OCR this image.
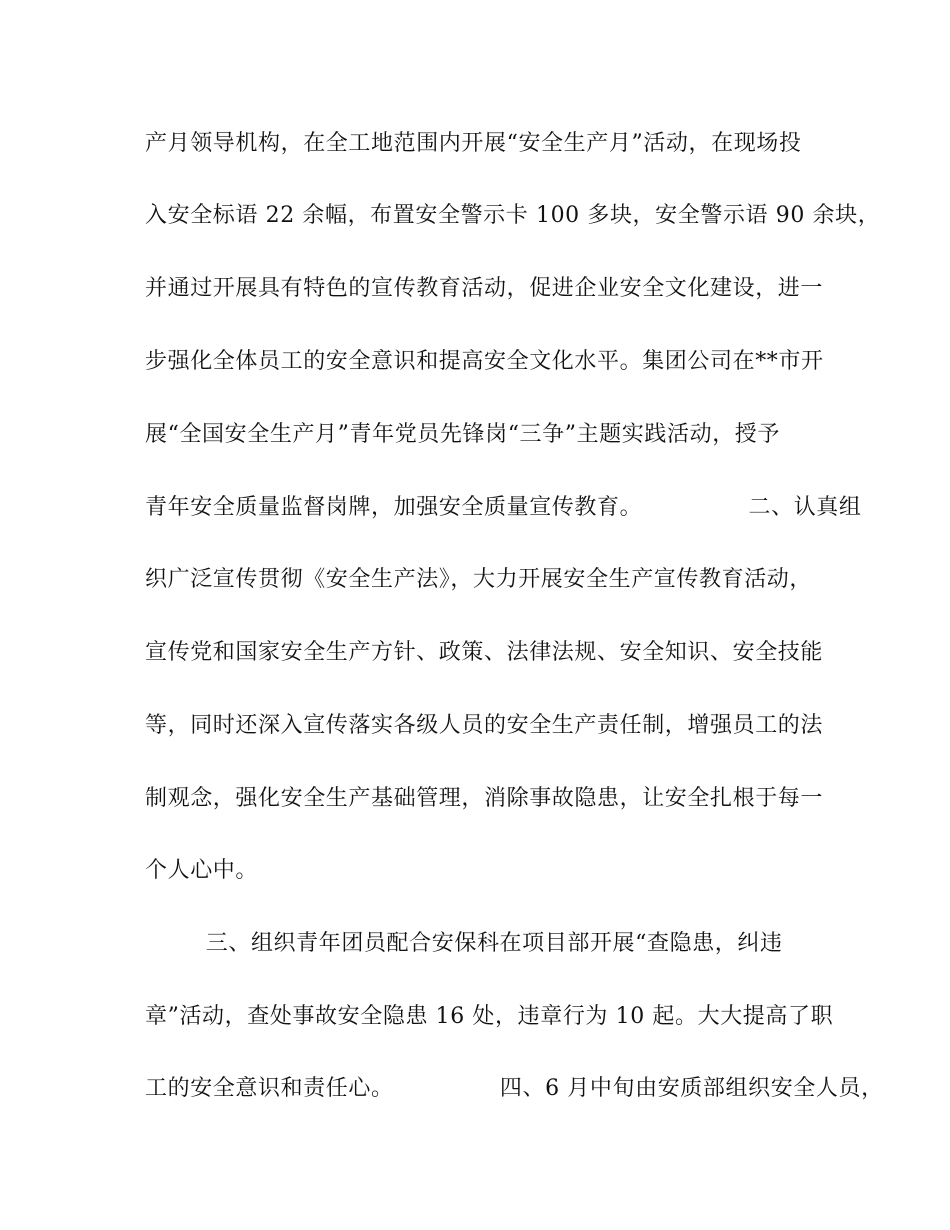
产月领导机构，在全工地范围内开展“安全生产月”活动，在现场投
入安全标语 22 余幅，布置安全警示卡 100 多块，安全警示语 90 余块，
并通过开展具有特色的宣传教育活动，促进企业安全文化建设，进一
步强化全体员工的安全意识和提高安全文化水平。集团公司在**市开
展“全国安全生产月”青年党员先锋岗“三争”主题实践活动，授予
青年安全质量监督岗牌，加强安全质量宣传教育。              二、认真组
织广泛宣传贯彻《安全生产法》，大力开展安全生产宣传教育活动，
宣传党和国家安全生产方针、政策、法律法规、安全知识、安全技能
等，同时还深入宣传落实各级人员的安全生产责任制，增强员工的法
制观念，强化安全生产基础管理，消除事故隐患，让安全扎根于每一
个人心中。
三、组织青年团员配合安保科在项目部开展“查隐患，纠违
章”活动，查处事故安全隐患 16 处，违章行为 10 起。大大提高了职
工的安全意识和责任心。              四、6 月中旬由安质部组织安全人员，
